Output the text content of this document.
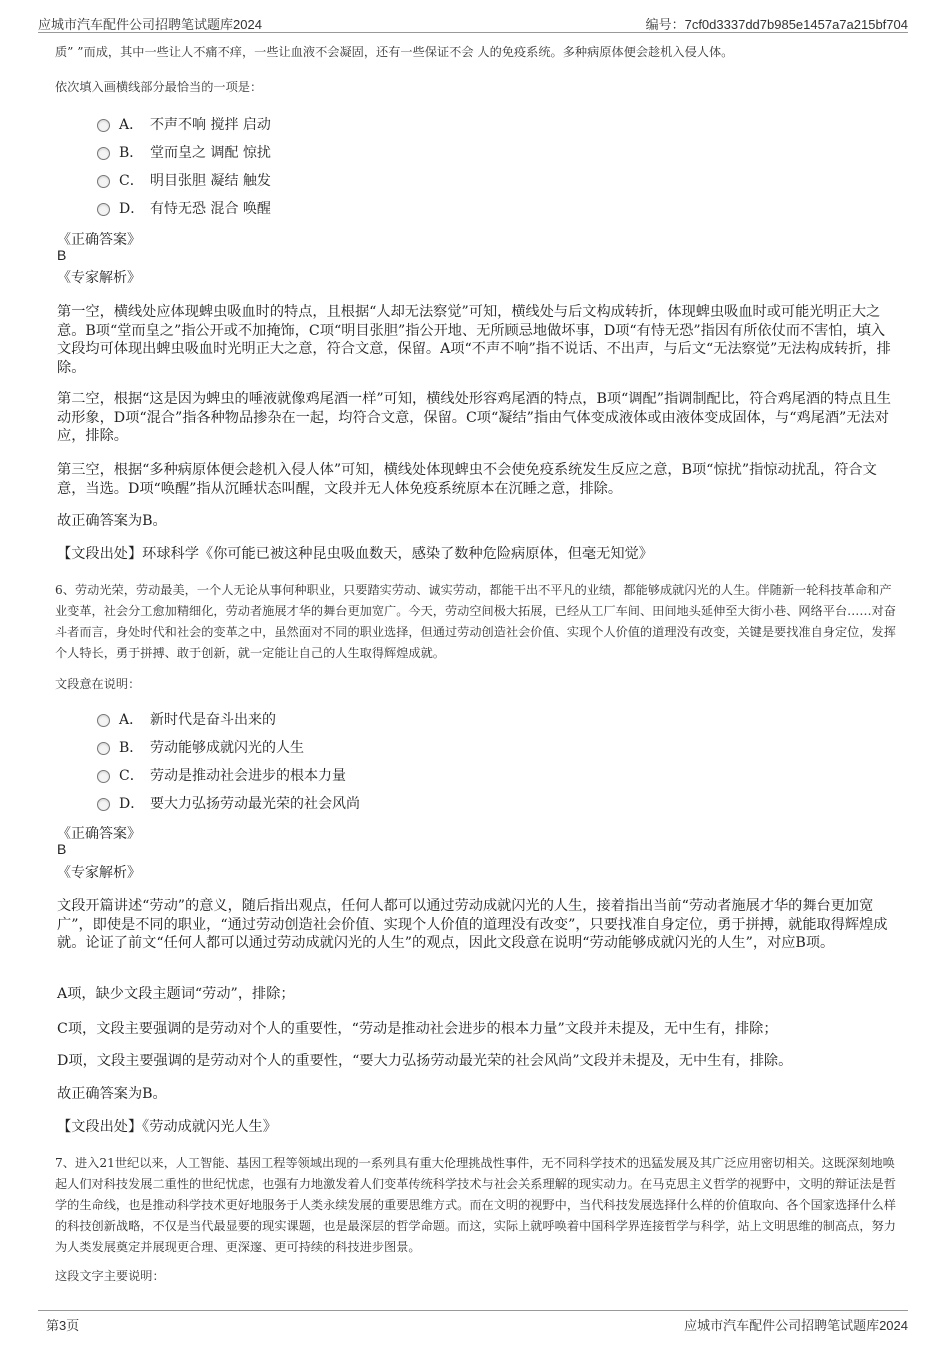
应城市汽车配件公司招聘笔试题库2024	编号：7cf0d3337dd7b985e1457a7a215bf704
质” ”而成，其中一些让人不痛不痒，一些让血液不会凝固，还有一些保证不会 人的免疫系统。多种病原体便会趁机入侵人体。
依次填入画横线部分最恰当的一项是：
A． 不声不响 搅拌 启动
B． 堂而皇之 调配 惊扰
C． 明目张胆 凝结 触发
D． 有恃无恐 混合 唤醒
《正确答案》
B
《专家解析》
第一空，横线处应体现蜱虫吸血时的特点，且根据“人却无法察觉”可知，横线处与后文构成转折，体现蜱虫吸血时或可能光明正大之意。B项“堂而皇之”指公开或不加掩饰，C项“明目张胆”指公开地、无所顾忌地做坏事，D项“有恃无恐”指因有所依仗而不害怕，填入文段均可体现出蜱虫吸血时光明正大之意，符合文意，保留。A项“不声不响”指不说话、不出声，与后文“无法察觉”无法构成转折，排除。
第二空，根据“这是因为蜱虫的唾液就像鸡尾酒一样”可知，横线处形容鸡尾酒的特点，B项“调配”指调制配比，符合鸡尾酒的特点且生动形象，D项“混合”指各种物品掺杂在一起，均符合文意，保留。C项“凝结”指由气体变成液体或由液体变成固体，与“鸡尾酒”无法对应，排除。
第三空，根据“多种病原体便会趁机入侵人体”可知，横线处体现蜱虫不会使免疫系统发生反应之意，B项“惊扰”指惊动扰乱，符合文意，当选。D项“唤醒”指从沉睡状态叫醒，文段并无人体免疫系统原本在沉睡之意，排除。
故正确答案为B。
【文段出处】环球科学《你可能已被这种昆虫吸血数天，感染了数种危险病原体，但毫无知觉》
6、劳动光荣，劳动最美，一个人无论从事何种职业，只要踏实劳动、诚实劳动，都能干出不平凡的业绩，都能够成就闪光的人生。伴随新一轮科技革命和产业变革，社会分工愈加精细化，劳动者施展才华的舞台更加宽广。今天，劳动空间极大拓展，已经从工厂车间、田间地头延伸至大街小巷、网络平台……对奋斗者而言，身处时代和社会的变革之中，虽然面对不同的职业选择，但通过劳动创造社会价值、实现个人价值的道理没有改变，关键是要找准自身定位，发挥个人特长，勇于拼搏、敢于创新，就一定能让自己的人生取得辉煌成就。
文段意在说明：
A． 新时代是奋斗出来的
B． 劳动能够成就闪光的人生
C． 劳动是推动社会进步的根本力量
D． 要大力弘扬劳动最光荣的社会风尚
《正确答案》
B
《专家解析》
文段开篇讲述“劳动”的意义，随后指出观点，任何人都可以通过劳动成就闪光的人生，接着指出当前“劳动者施展才华的舞台更加宽广”，即使是不同的职业，“通过劳动创造社会价值、实现个人价值的道理没有改变”，只要找准自身定位，勇于拼搏，就能取得辉煌成就。论证了前文“任何人都可以通过劳动成就闪光的人生”的观点，因此文段意在说明“劳动能够成就闪光的人生”，对应B项。
A项，缺少文段主题词“劳动”，排除；
C项，文段主要强调的是劳动对个人的重要性，“劳动是推动社会进步的根本力量”文段并未提及，无中生有，排除；
D项，文段主要强调的是劳动对个人的重要性，“要大力弘扬劳动最光荣的社会风尚”文段并未提及，无中生有，排除。
故正确答案为B。
【文段出处】《劳动成就闪光人生》
7、进入21世纪以来，人工智能、基因工程等领域出现的一系列具有重大伦理挑战性事件，无不同科学技术的迅猛发展及其广泛应用密切相关。这既深刻地唤起人们对科技发展二重性的世纪忧虑，也强有力地激发着人们变革传统科学技术与社会关系理解的现实动力。在马克思主义哲学的视野中，文明的辩证法是哲学的生命线，也是推动科学技术更好地服务于人类永续发展的重要思维方式。而在文明的视野中，当代科技发展选择什么样的价值取向、各个国家选择什么样的科技创新战略，不仅是当代最显要的现实课题，也是最深层的哲学命题。而这，实际上就呼唤着中国科学界连接哲学与科学，站上文明思维的制高点，努力为人类发展奠定并展现更合理、更深邃、更可持续的科技进步图景。
这段文字主要说明：
第3页	应城市汽车配件公司招聘笔试题库2024
